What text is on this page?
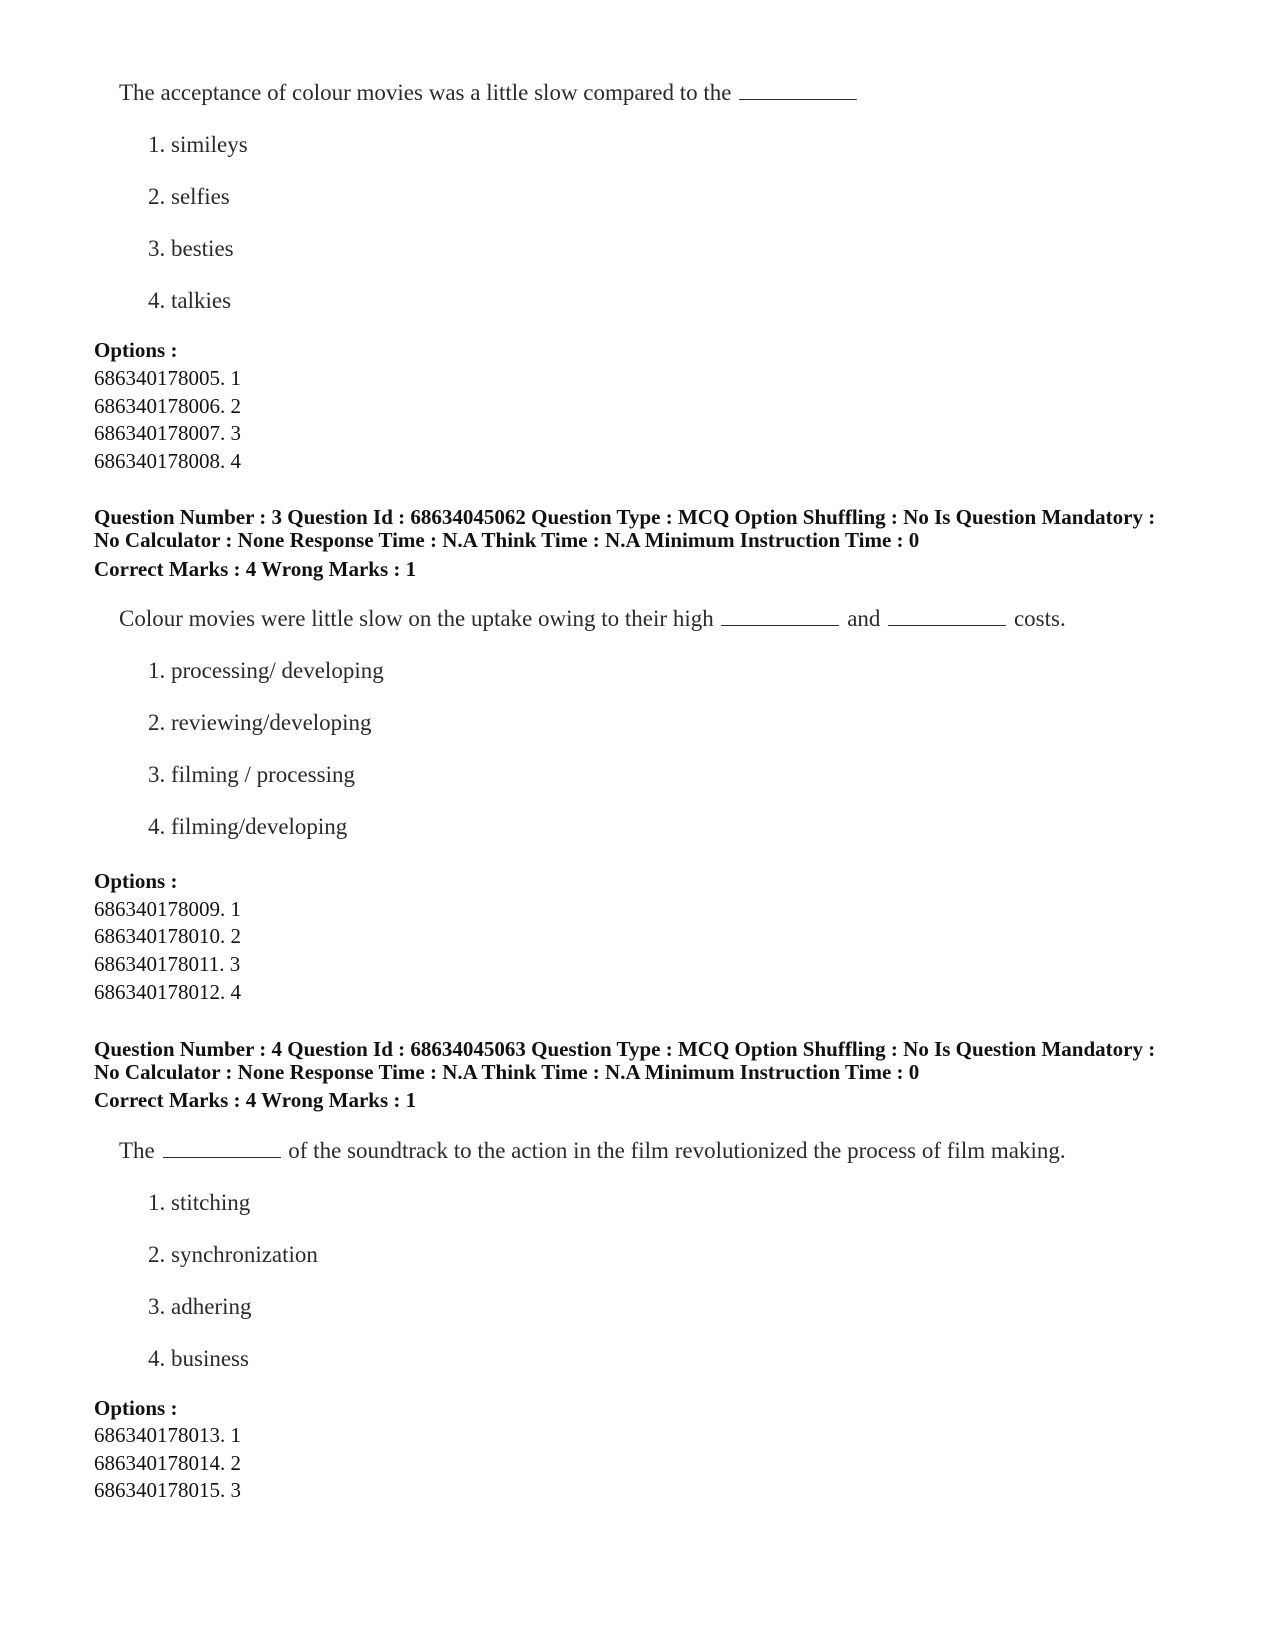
The acceptance of colour movies was a little slow compared to the
1. simileys
2. selfies
3. besties
4. talkies
Options :
686340178005. 1
686340178006. 2
686340178007. 3
686340178008. 4
Question Number : 3 Question Id : 68634045062 Question Type : MCQ Option Shuffling : No Is Question Mandatory :
No Calculator : None Response Time : N.A Think Time : N.A Minimum Instruction Time : 0
Correct Marks : 4 Wrong Marks : 1
Colour movies were little slow on the uptake owing to their high	and	costs.
1. processing/ developing
2. reviewing/developing
3. filming / processing
4. filming/developing
Options :
686340178009. 1
686340178010. 2
686340178011. 3
686340178012. 4
Question Number : 4 Question Id : 68634045063 Question Type : MCQ Option Shuffling : No Is Question Mandatory :
No Calculator : None Response Time : N.A Think Time : N.A Minimum Instruction Time : 0
Correct Marks : 4 Wrong Marks : 1
The	of the soundtrack to the action in the film revolutionized the process of film making.
1. stitching
2. synchronization
3. adhering
4. business
Options :
686340178013. 1
686340178014. 2
686340178015. 3
